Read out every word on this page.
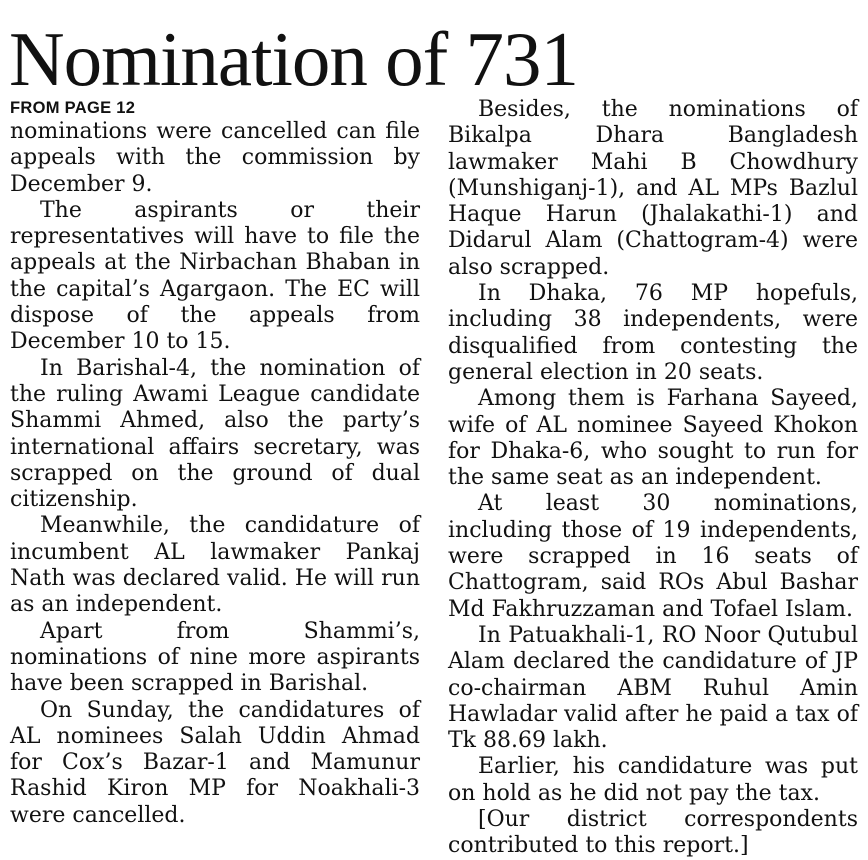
Nomination of 731
FROM PAGE 12

nominations were cancelled can file appeals with the commission by December 9.

The aspirants or their representatives will have to file the appeals at the Nirbachan Bhaban in the capital’s Agargaon. The EC will dispose of the appeals from December 10 to 15.

In Barishal-4, the nomination of the ruling Awami League candidate Shammi Ahmed, also the party’s international affairs secretary, was scrapped on the ground of dual citizenship.

Meanwhile, the candidature of incumbent AL lawmaker Pankaj Nath was declared valid. He will run as an independent.

Apart from Shammi’s, nominations of nine more aspirants have been scrapped in Barishal.

On Sunday, the candidatures of AL nominees Salah Uddin Ahmad for Cox’s Bazar-1 and Mamunur Rashid Kiron MP for Noakhali-3 were cancelled.

Besides, the nominations of Bikalpa Dhara Bangladesh lawmaker Mahi B Chowdhury (Munshiganj-1), and AL MPs Bazlul Haque Harun (Jhalakathi-1) and Didarul Alam (Chattogram-4) were also scrapped.

In Dhaka, 76 MP hopefuls, including 38 independents, were disqualified from contesting the general election in 20 seats.

Among them is Farhana Sayeed, wife of AL nominee Sayeed Khokon for Dhaka-6, who sought to run for the same seat as an independent.

At least 30 nominations, including those of 19 independents, were scrapped in 16 seats of Chattogram, said ROs Abul Bashar Md Fakhruzzaman and Tofael Islam.

In Patuakhali-1, RO Noor Qutubul Alam declared the candidature of JP co-chairman ABM Ruhul Amin Hawladar valid after he paid a tax of Tk 88.69 lakh.

Earlier, his candidature was put on hold as he did not pay the tax.

[Our district correspondents contributed to this report.]
